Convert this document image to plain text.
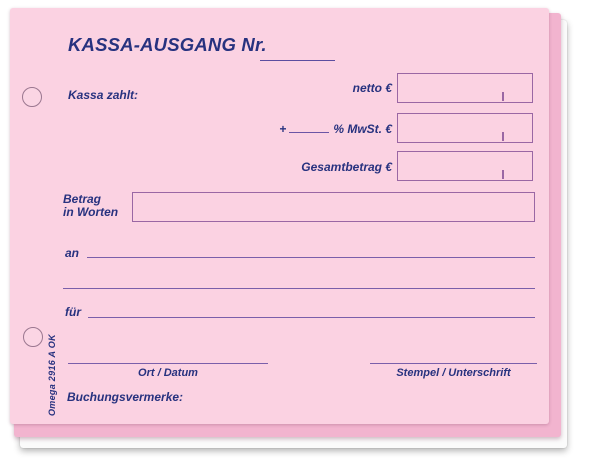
KASSA-AUSGANG Nr.
Kassa zahlt:	netto €
+	% MwSt. €
Gesamtbetrag €
Betrag
in Worten
an
für
Ort / Datum	Stempel / Unterschrift
Buchungsvermerke:
Omega 2916 A OK
